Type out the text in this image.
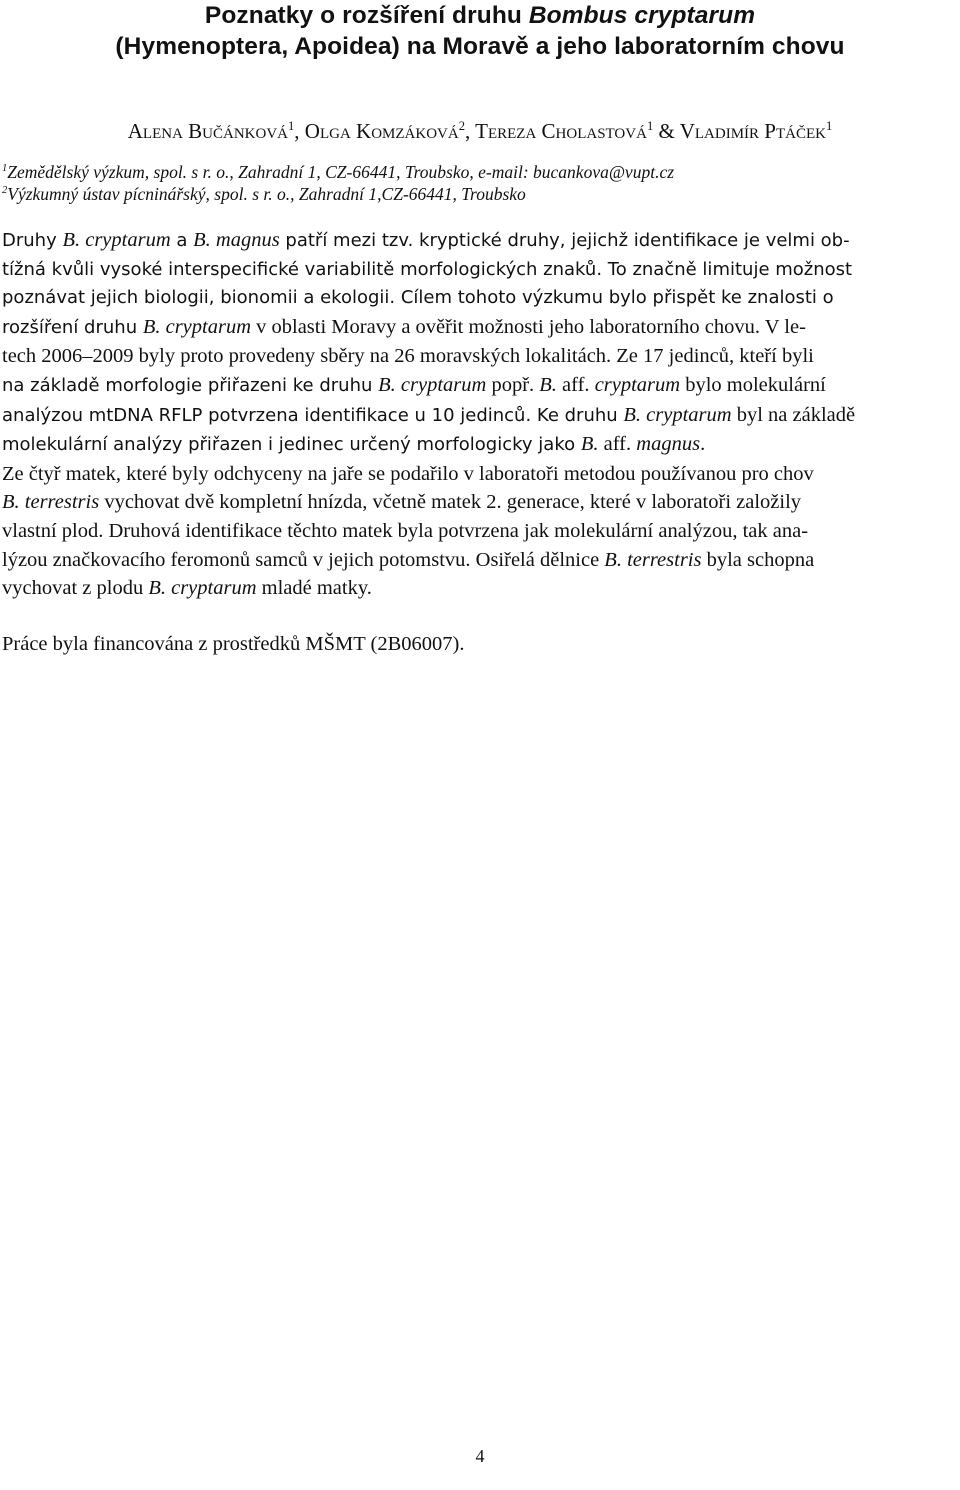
Poznatky o rozšíření druhu Bombus cryptarum
(Hymenoptera, Apoidea) na Moravě a jeho laboratorním chovu
Alena Bučánková$^1$, Olga Komzáková$^2$, Tereza Cholastová$^1$ & Vladimír Ptáček$^1$
$^1$Zemědělský výzkum, spol. s r. o., Zahradní 1, CZ-66441, Troubsko, e-mail: bucankova@vupt.cz
$^2$Výzkumný ústav pícninářský, spol. s r. o., Zahradní 1,CZ-66441, Troubsko
Druhy B. cryptarum a B. magnus patří mezi tzv. kryptické druhy, jejichž identifikace je velmi ob-
tížná kvůli vysoké interspecifické variabilitě morfologických znaků. To značně limituje možnost
poznávat jejich biologii, bionomii a ekologii. Cílem tohoto výzkumu bylo přispět ke znalosti o
rozšíření druhu B. cryptarum v oblasti Moravy a ověřit možnosti jeho laboratorního chovu. V le-
tech 2006–2009 byly proto provedeny sběry na 26 moravských lokalitách. Ze 17 jedinců, kteří byli
na základě morfologie přiřazeni ke druhu B. cryptarum popř. B. aff. cryptarum bylo molekulární
analýzou mtDNA RFLP potvrzena identifikace u 10 jedinců. Ke druhu B. cryptarum byl na základě
molekulární analýzy přiřazen i jedinec určený morfologicky jako B. aff. magnus.
Ze čtyř matek, které byly odchyceny na jaře se podařilo v laboratoři metodou používanou pro chov
B. terrestris vychovat dvě kompletní hnízda, včetně matek 2. generace, které v laboratoři založily
vlastní plod. Druhová identifikace těchto matek byla potvrzena jak molekulární analýzou, tak ana-
lýzou značkovacího feromonů samců v jejich potomstvu. Osiřelá dělnice B. terrestris byla schopna
vychovat z plodu B. cryptarum mladé matky.
Práce byla financována z prostředků MŠMT (2B06007).
4
